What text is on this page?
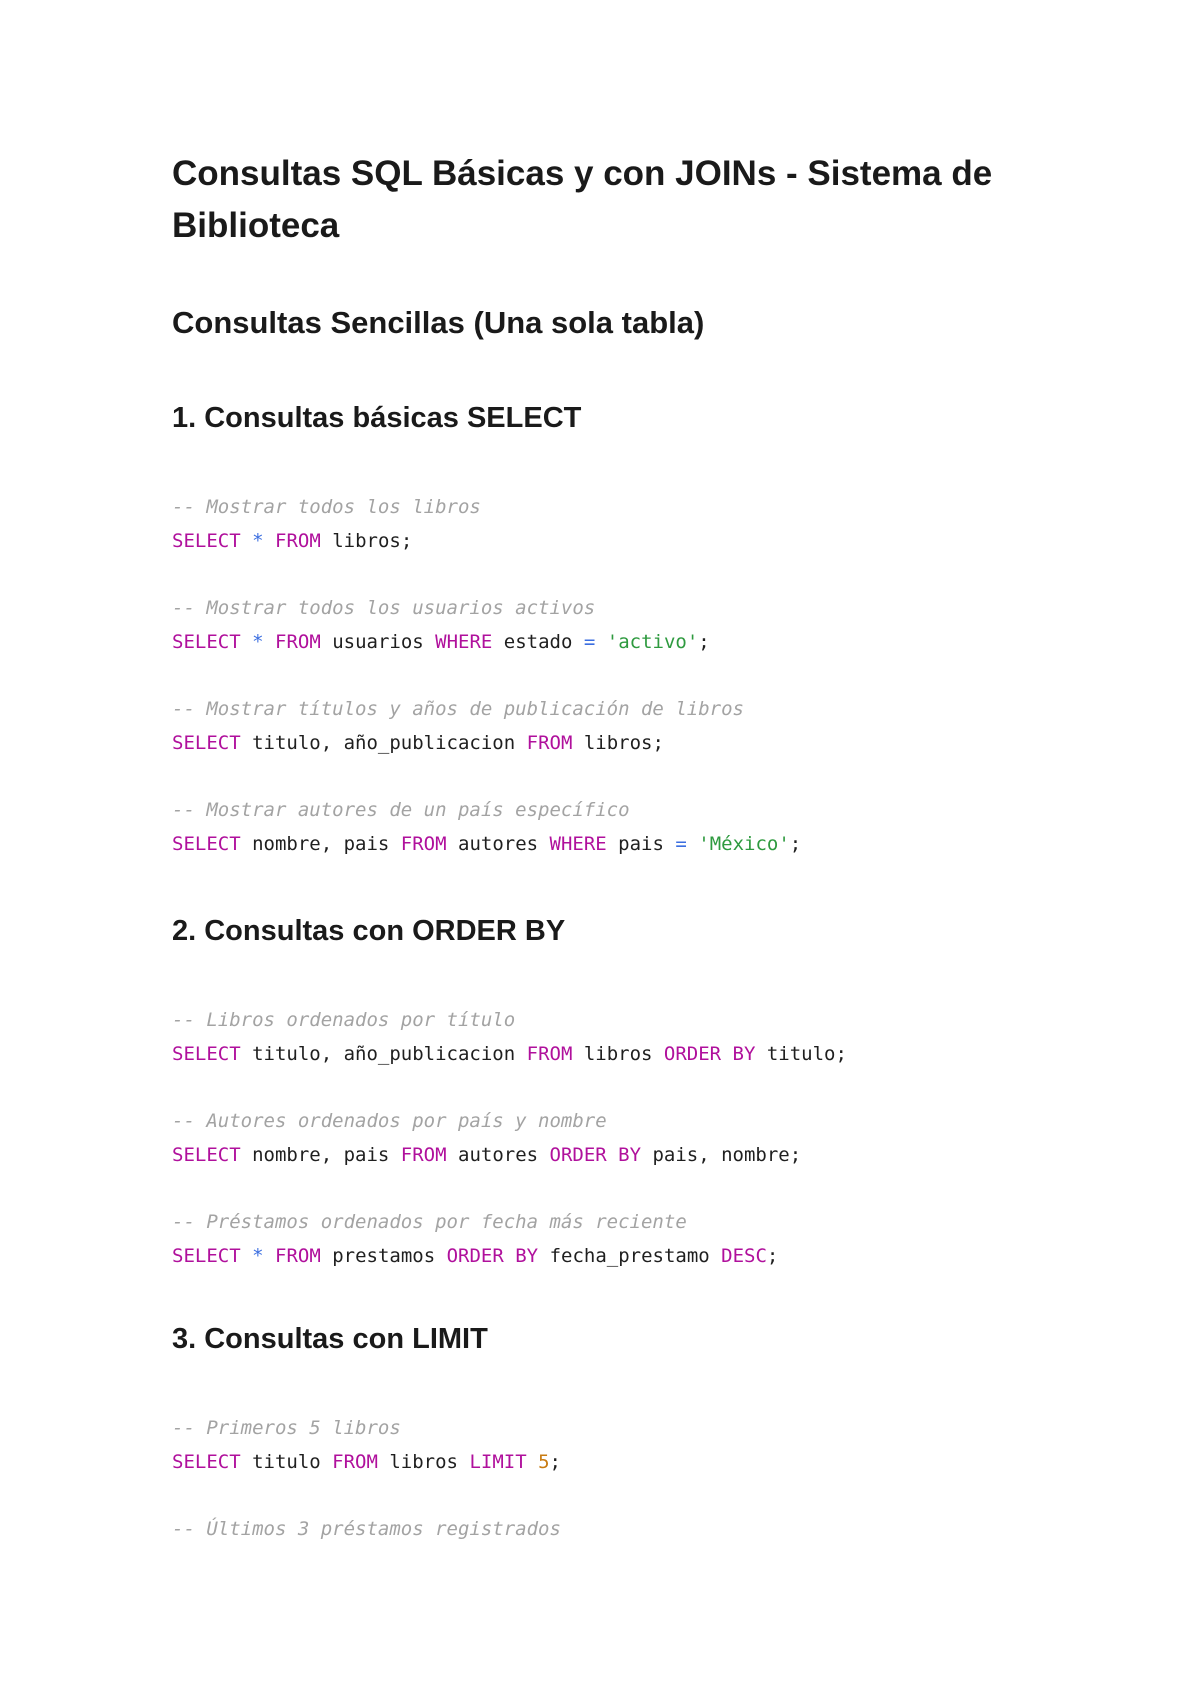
Consultas SQL Básicas y con JOINs - Sistema de Biblioteca
Consultas Sencillas (Una sola tabla)
1. Consultas básicas SELECT
-- Mostrar todos los libros
SELECT * FROM libros;
-- Mostrar todos los usuarios activos
SELECT * FROM usuarios WHERE estado = 'activo';
-- Mostrar títulos y años de publicación de libros
SELECT titulo, año_publicacion FROM libros;
-- Mostrar autores de un país específico
SELECT nombre, pais FROM autores WHERE pais = 'México';
2. Consultas con ORDER BY
-- Libros ordenados por título
SELECT titulo, año_publicacion FROM libros ORDER BY titulo;
-- Autores ordenados por país y nombre
SELECT nombre, pais FROM autores ORDER BY pais, nombre;
-- Préstamos ordenados por fecha más reciente
SELECT * FROM prestamos ORDER BY fecha_prestamo DESC;
3. Consultas con LIMIT
-- Primeros 5 libros
SELECT titulo FROM libros LIMIT 5;
-- Últimos 3 préstamos registrados
